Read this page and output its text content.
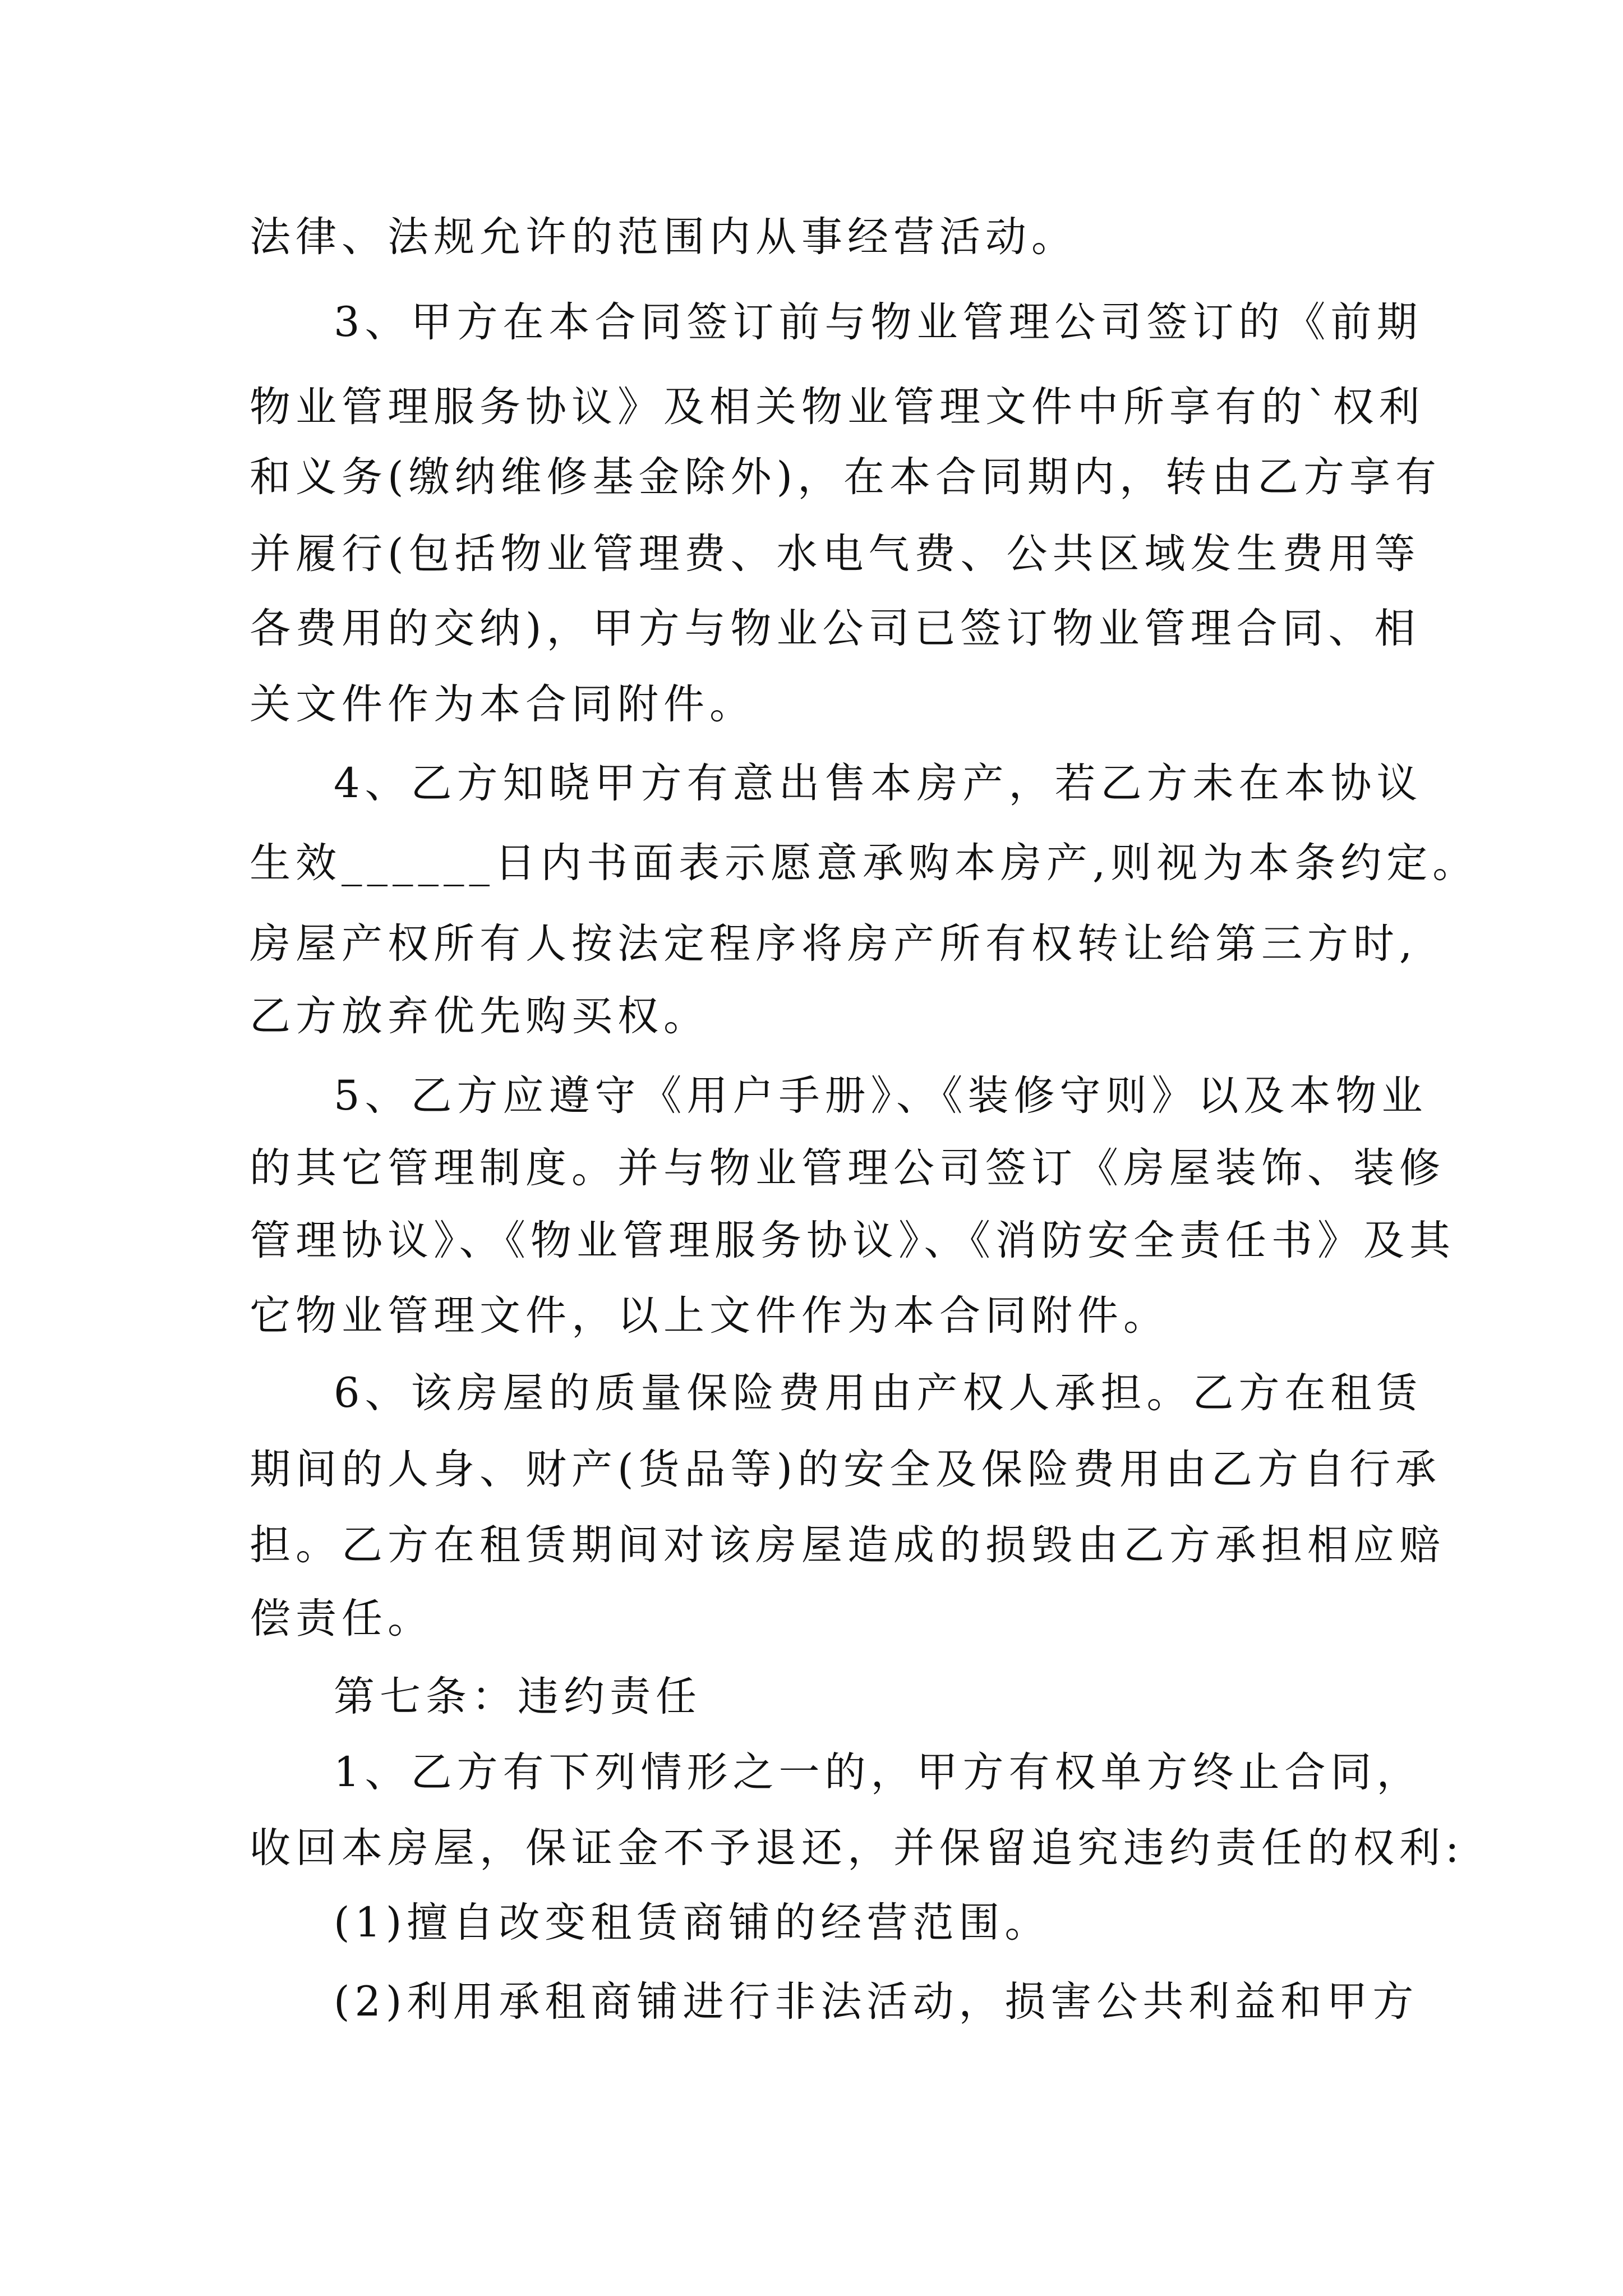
法律、法规允许的范围内从事经营活动。
3、甲方在本合同签订前与物业管理公司签订的《前期
物业管理服务协议》及相关物业管理文件中所享有的`权利
和义务(缴纳维修基金除外)，在本合同期内，转由乙方享有
并履行(包括物业管理费、水电气费、公共区域发生费用等
各费用的交纳)，甲方与物业公司已签订物业管理合同、相
关文件作为本合同附件。
4、乙方知晓甲方有意出售本房产，若乙方未在本协议
生效______日内书面表示愿意承购本房产,则视为本条约定。
房屋产权所有人按法定程序将房产所有权转让给第三方时,
乙方放弃优先购买权。
5、乙方应遵守《用户手册》、《装修守则》以及本物业
的其它管理制度。并与物业管理公司签订《房屋装饰、装修
管理协议》、《物业管理服务协议》、《消防安全责任书》及其
它物业管理文件，以上文件作为本合同附件。
6、该房屋的质量保险费用由产权人承担。乙方在租赁
期间的人身、财产(货品等)的安全及保险费用由乙方自行承
担。乙方在租赁期间对该房屋造成的损毁由乙方承担相应赔
偿责任。
第七条：违约责任
1、乙方有下列情形之一的，甲方有权单方终止合同，
收回本房屋，保证金不予退还，并保留追究违约责任的权利:
(1)擅自改变租赁商铺的经营范围。
(2)利用承租商铺进行非法活动，损害公共利益和甲方
